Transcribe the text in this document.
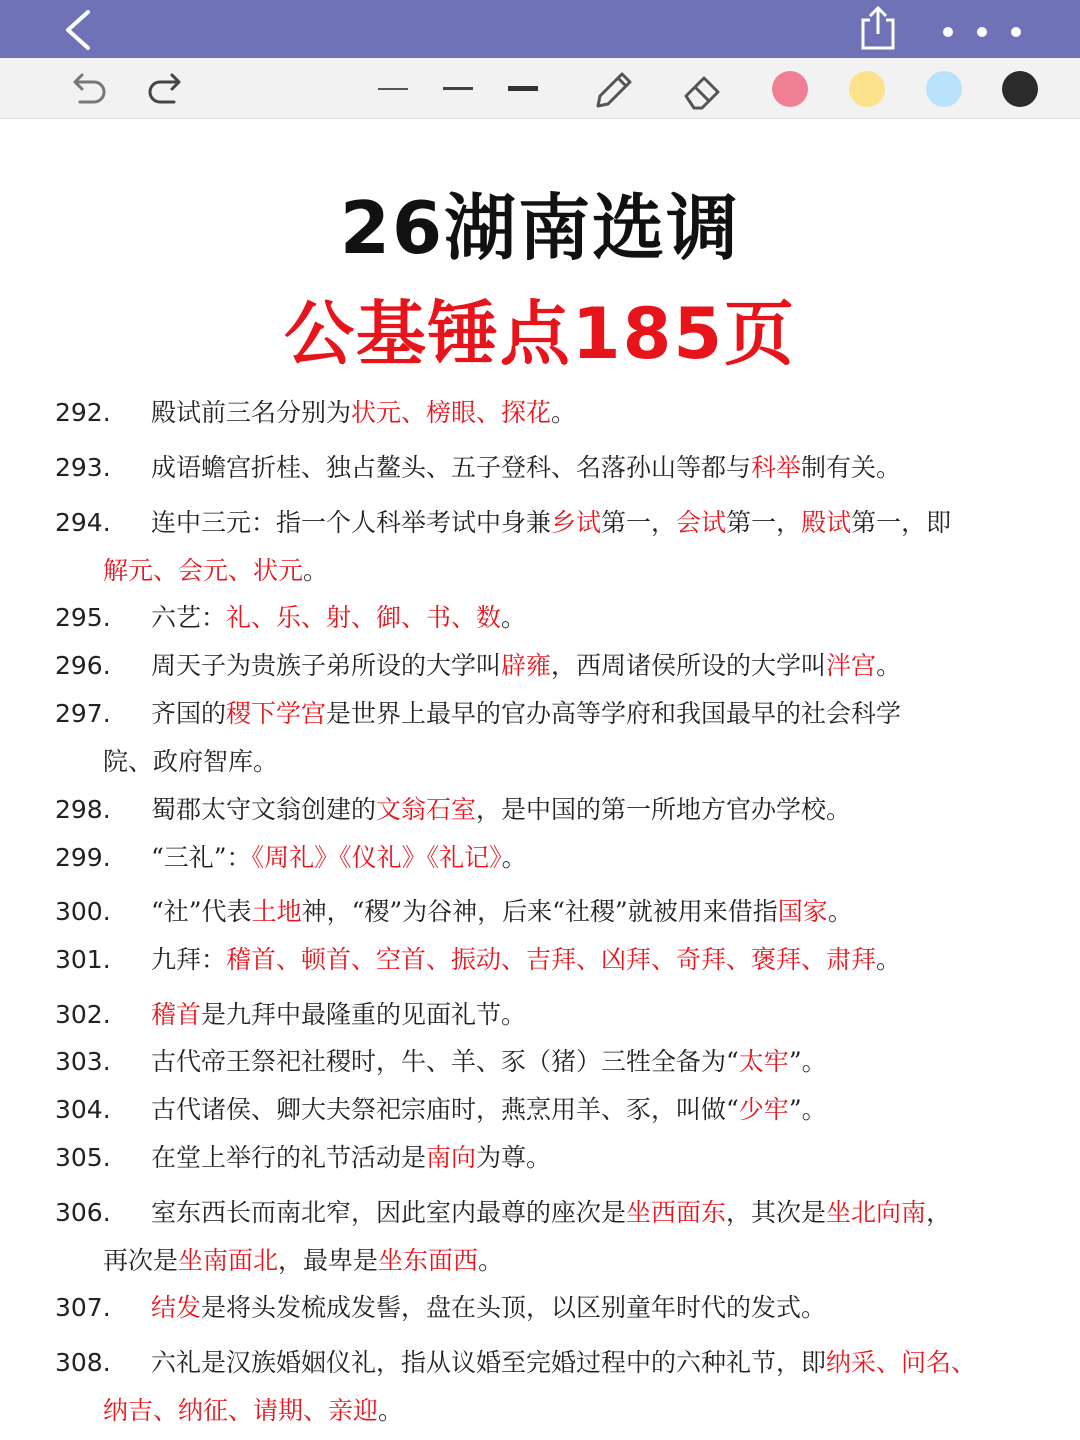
26湖南选调
公基锤点185页
292. 殿试前三名分别为状元、榜眼、探花。
293. 成语蟾宫折桂、独占鳌头、五子登科、名落孙山等都与科举制有关。
294. 连中三元：指一个人科举考试中身兼乡试第一，会试第一，殿试第一，即
解元、会元、状元。
295. 六艺：礼、乐、射、御、书、数。
296. 周天子为贵族子弟所设的大学叫辟雍，西周诸侯所设的大学叫泮宫。
297. 齐国的稷下学宫是世界上最早的官办高等学府和我国最早的社会科学
院、政府智库。
298. 蜀郡太守文翁创建的文翁石室，是中国的第一所地方官办学校。
299. “三礼”：《周礼》《仪礼》《礼记》。
300. “社”代表土地神，“稷”为谷神，后来“社稷”就被用来借指国家。
301. 九拜：稽首、顿首、空首、振动、吉拜、凶拜、奇拜、褒拜、肃拜。
302. 稽首是九拜中最隆重的见面礼节。
303. 古代帝王祭祀社稷时，牛、羊、豕（猪）三牲全备为“太牢”。
304. 古代诸侯、卿大夫祭祀宗庙时，燕烹用羊、豕，叫做“少牢”。
305. 在堂上举行的礼节活动是南向为尊。
306. 室东西长而南北窄，因此室内最尊的座次是坐西面东，其次是坐北向南，
再次是坐南面北，最卑是坐东面西。
307. 结发是将头发梳成发髻，盘在头顶，以区别童年时代的发式。
308. 六礼是汉族婚姻仪礼，指从议婚至完婚过程中的六种礼节，即纳采、问名、
纳吉、纳征、请期、亲迎。
